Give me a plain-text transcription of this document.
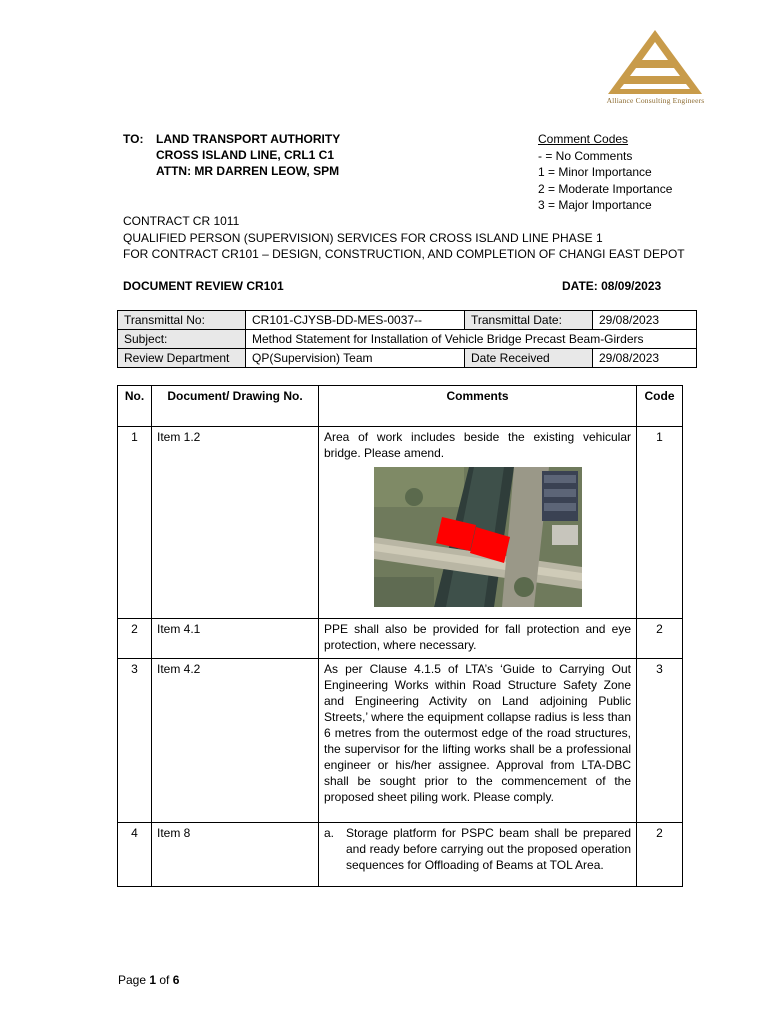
Alliance Consulting Engineers
TO: LAND TRANSPORT AUTHORITY
CROSS ISLAND LINE, CRL1 C1
ATTN: MR DARREN LEOW, SPM
Comment Codes
- = No Comments
1 = Minor Importance
2 = Moderate Importance
3 = Major Importance
CONTRACT CR 1011
QUALIFIED PERSON (SUPERVISION) SERVICES FOR CROSS ISLAND LINE PHASE 1
FOR CONTRACT CR101 – DESIGN, CONSTRUCTION, AND COMPLETION OF CHANGI EAST DEPOT
DOCUMENT REVIEW CR101	DATE: 08/09/2023
Transmittal No:	CR101-CJYSB-DD-MES-0037--	Transmittal Date:	29/08/2023
Subject:	Method Statement for Installation of Vehicle Bridge Precast Beam-Girders		
Review Department	QP(Supervision) Team	Date Received	29/08/2023
No.	Document/ Drawing No.	Comments	Code
1	Item 1.2	Area of work includes beside the existing vehicular bridge. Please amend.	1
2	Item 4.1	PPE shall also be provided for fall protection and eye protection, where necessary.	2
3	Item 4.2	As per Clause 4.1.5 of LTA’s ‘Guide to Carrying Out Engineering Works within Road Structure Safety Zone and Engineering Activity on Land adjoining Public Streets,’ where the equipment collapse radius is less than 6 metres from the outermost edge of the road structures, the supervisor for the lifting works shall be a professional engineer or his/her assignee. Approval from LTA-DBC shall be sought prior to the commencement of the proposed sheet piling work. Please comply.	3
4	Item 8	a. Storage platform for PSPC beam shall be prepared and ready before carrying out the proposed operation sequences for Offloading of Beams at TOL Area.	2
Page 1 of 6
